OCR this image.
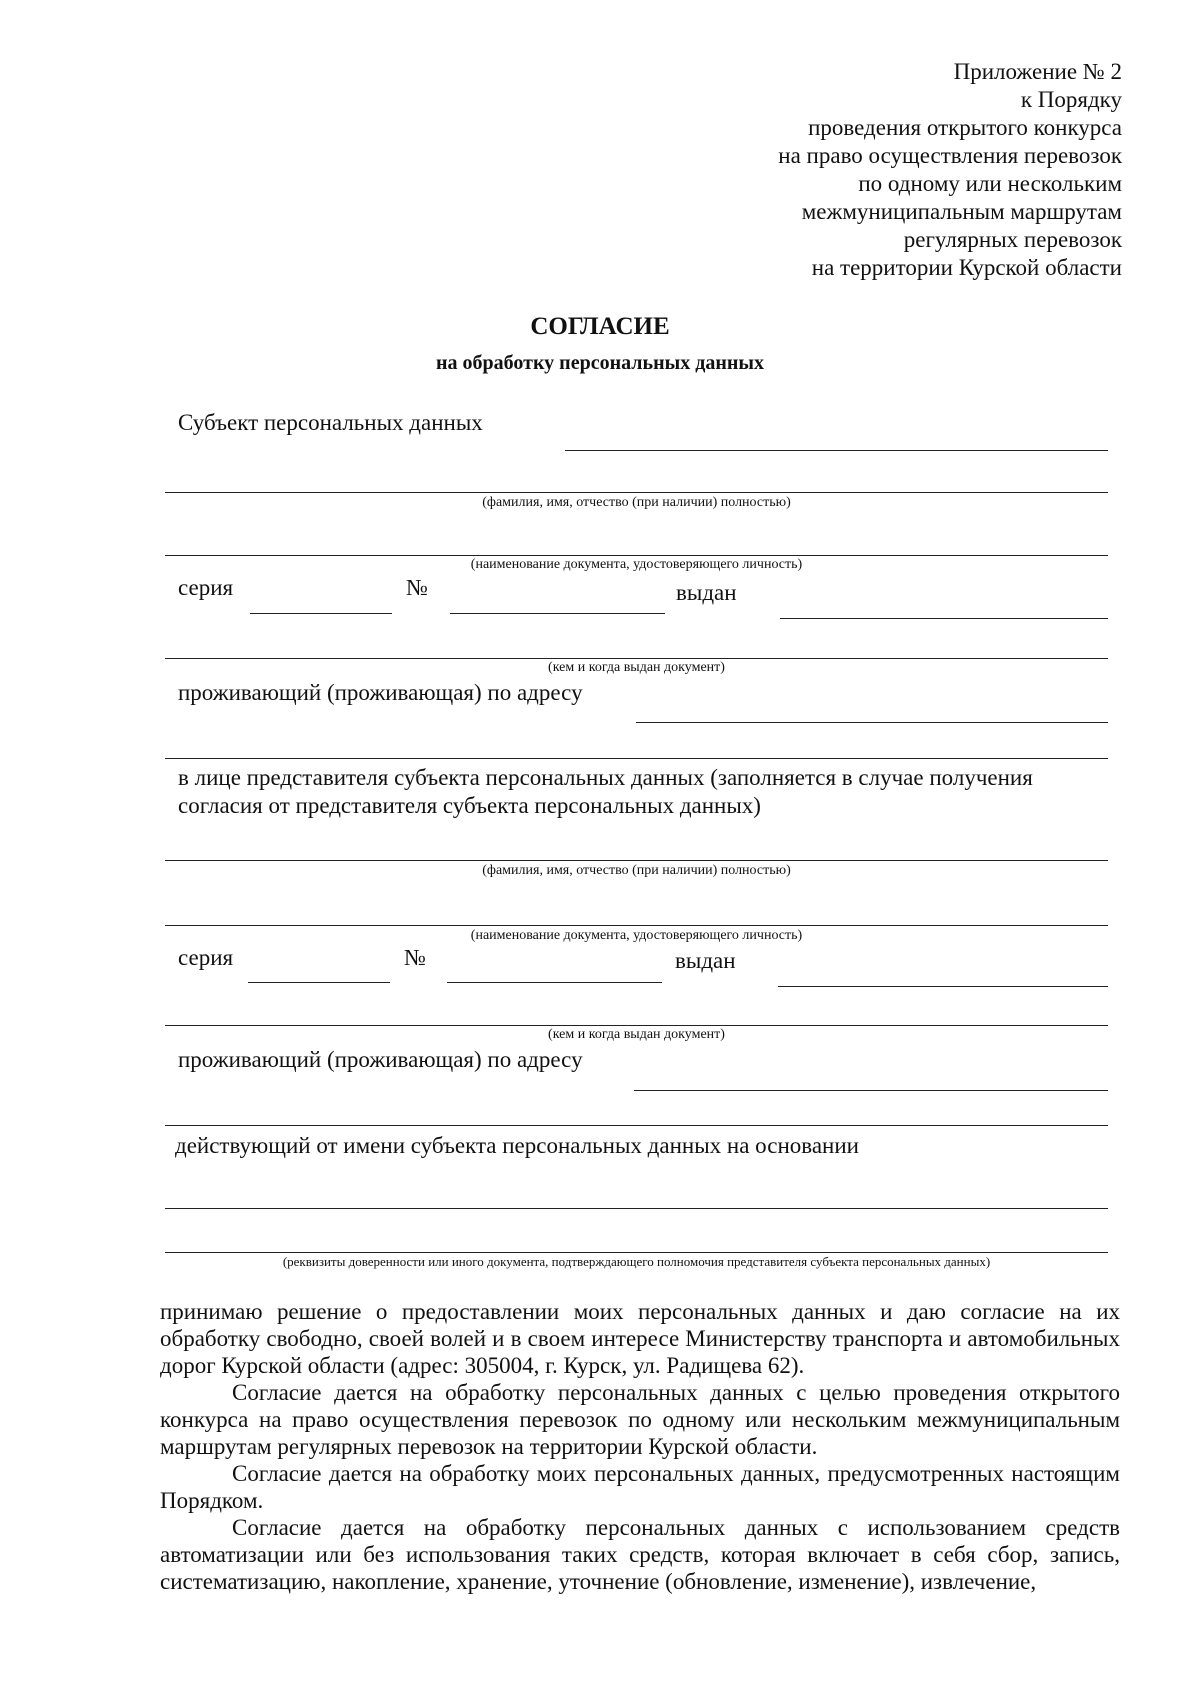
Приложение № 2
к Порядку
проведения открытого конкурса
на право осуществления перевозок
по одному или нескольким
межмуниципальным маршрутам
регулярных перевозок
на территории Курской области
СОГЛАСИЕ
на обработку персональных данных
Субъект персональных данных
(фамилия, имя, отчество (при наличии) полностью)
(наименование документа, удостоверяющего личность)
серия	№	выдан
(кем и когда выдан документ)
проживающий (проживающая) по адресу
в лице представителя субъекта персональных данных (заполняется в случае получения согласия от представителя субъекта персональных данных)
(фамилия, имя, отчество (при наличии) полностью)
(наименование документа, удостоверяющего личность)
серия	№	выдан
(кем и когда выдан документ)
проживающий (проживающая) по адресу
действующий от имени субъекта персональных данных на основании
(реквизиты доверенности или иного документа, подтверждающего полномочия представителя субъекта персональных данных)

принимаю решение о предоставлении моих персональных данных и даю согласие на их обработку свободно, своей волей и в своем интересе Министерству транспорта и автомобильных дорог Курской области (адрес: 305004, г. Курск, ул. Радищева 62).

Согласие дается на обработку персональных данных с целью проведения открытого конкурса на право осуществления перевозок по одному или нескольким межмуниципальным маршрутам регулярных перевозок на территории Курской области.

Согласие дается на обработку моих персональных данных, предусмотренных настоящим Порядком.

Согласие дается на обработку персональных данных с использованием средств автоматизации или без использования таких средств, которая включает в себя сбор, запись, систематизацию, накопление, хранение, уточнение (обновление, изменение), извлечение,
